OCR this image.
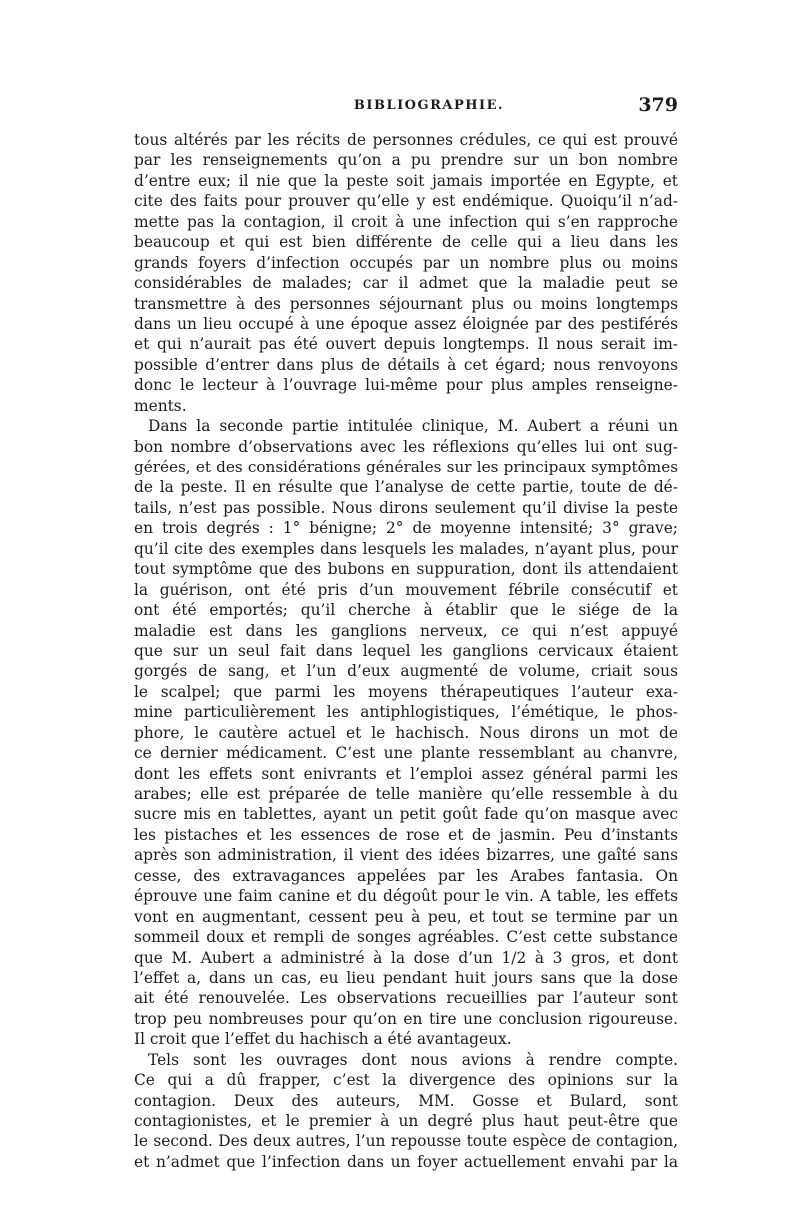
BIBLIOGRAPHIE.	379
tous altérés par les récits de personnes crédules, ce qui est prouvé
par les renseignements qu’on a pu prendre sur un bon nombre
d’entre eux; il nie que la peste soit jamais importée en Egypte, et
cite des faits pour prouver qu’elle y est endémique. Quoiqu’il n’ad-
mette pas la contagion, il croit à une infection qui s’en rapproche
beaucoup et qui est bien différente de celle qui a lieu dans les
grands foyers d’infection occupés par un nombre plus ou moins
considérables de malades; car il admet que la maladie peut se
transmettre à des personnes séjournant plus ou moins longtemps
dans un lieu occupé à une époque assez éloignée par des pestiférés
et qui n’aurait pas été ouvert depuis longtemps. Il nous serait im-
possible d’entrer dans plus de détails à cet égard; nous renvoyons
donc le lecteur à l’ouvrage lui-même pour plus amples renseigne-
ments.
Dans la seconde partie intitulée clinique, M. Aubert a réuni un
bon nombre d’observations avec les réflexions qu’elles lui ont sug-
gérées, et des considérations générales sur les principaux symptômes
de la peste. Il en résulte que l’analyse de cette partie, toute de dé-
tails, n’est pas possible. Nous dirons seulement qu’il divise la peste
en trois degrés : 1° bénigne; 2° de moyenne intensité; 3° grave;
qu’il cite des exemples dans lesquels les malades, n’ayant plus, pour
tout symptôme que des bubons en suppuration, dont ils attendaient
la guérison, ont été pris d’un mouvement fébrile consécutif et
ont été emportés; qu’il cherche à établir que le siége de la
maladie est dans les ganglions nerveux, ce qui n’est appuyé
que sur un seul fait dans lequel les ganglions cervicaux étaient
gorgés de sang, et l’un d’eux augmenté de volume, criait sous
le scalpel; que parmi les moyens thérapeutiques l’auteur exa-
mine particulièrement les antiphlogistiques, l’émétique, le phos-
phore, le cautère actuel et le hachisch. Nous dirons un mot de
ce dernier médicament. C’est une plante ressemblant au chanvre,
dont les effets sont enivrants et l’emploi assez général parmi les
arabes; elle est préparée de telle manière qu’elle ressemble à du
sucre mis en tablettes, ayant un petit goût fade qu’on masque avec
les pistaches et les essences de rose et de jasmin. Peu d’instants
après son administration, il vient des idées bizarres, une gaîté sans
cesse, des extravagances appelées par les Arabes fantasia. On
éprouve une faim canine et du dégoût pour le vin. A table, les effets
vont en augmentant, cessent peu à peu, et tout se termine par un
sommeil doux et rempli de songes agréables. C’est cette substance
que M. Aubert a administré à la dose d’un 1/2 à 3 gros, et dont
l’effet a, dans un cas, eu lieu pendant huit jours sans que la dose
ait été renouvelée. Les observations recueillies par l’auteur sont
trop peu nombreuses pour qu’on en tire une conclusion rigoureuse.
Il croit que l’effet du hachisch a été avantageux.
Tels sont les ouvrages dont nous avions à rendre compte.
Ce qui a dû frapper, c’est la divergence des opinions sur la
contagion. Deux des auteurs, MM. Gosse et Bulard, sont
contagionistes, et le premier à un degré plus haut peut-être que
le second. Des deux autres, l’un repousse toute espèce de contagion,
et n’admet que l’infection dans un foyer actuellement envahi par la
